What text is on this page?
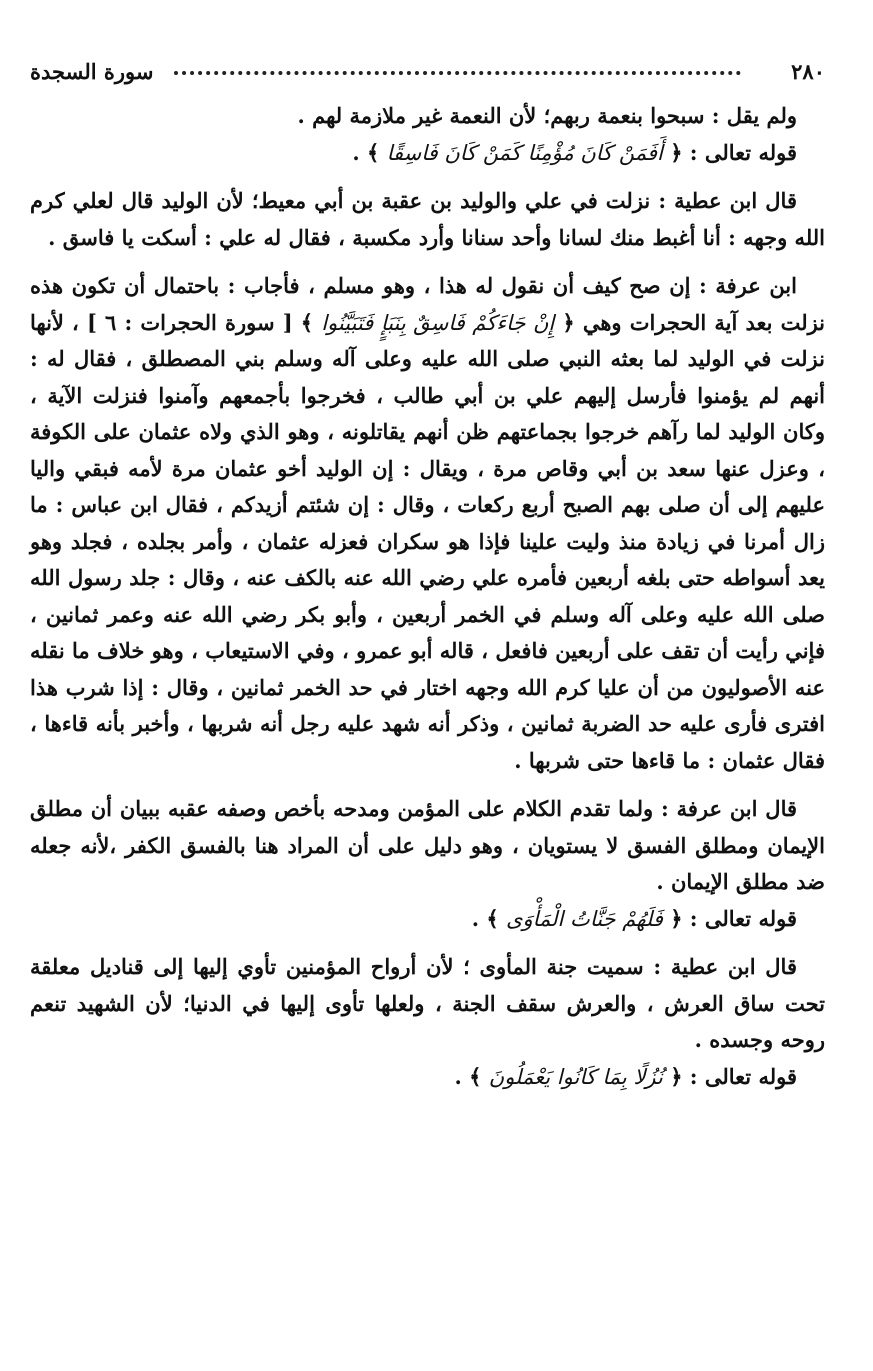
٢٨٠
سورة السجدة

ولم يقل : سبحوا بنعمة ربهم؛ لأن النعمة غير ملازمة لهم .

قوله تعالى : ﴿ أَفَمَنْ كَانَ مُؤْمِنًا كَمَنْ كَانَ فَاسِقًا ﴾ .

قال ابن عطية : نزلت في علي والوليد بن عقبة بن أبي معيط؛ لأن الوليد قال لعلي كرم الله وجهه : أنا أغبط منك لسانا وأحد سنانا وأرد مكسبة ، فقال له علي : أسكت يا فاسق .

ابن عرفة : إن صح كيف أن نقول له هذا ، وهو مسلم ، فأجاب : باحتمال أن تكون هذه نزلت بعد آية الحجرات وهي ﴿ إِنْ جَاءَكُمْ فَاسِقٌ بِنَبَإٍ فَتَبَيَّنُوا ﴾ [ سورة الحجرات : ٦ ] ، لأنها نزلت في الوليد لما بعثه النبي صلى الله عليه وعلى آله وسلم بني المصطلق ، فقال له : أنهم لم يؤمنوا فأرسل إليهم علي بن أبي طالب ، فخرجوا بأجمعهم وآمنوا فنزلت الآية ، وكان الوليد لما رآهم خرجوا بجماعتهم ظن أنهم يقاتلونه ، وهو الذي ولاه عثمان على الكوفة ، وعزل عنها سعد بن أبي وقاص مرة ، ويقال : إن الوليد أخو عثمان مرة لأمه فبقي واليا عليهم إلى أن صلى بهم الصبح أربع ركعات ، وقال : إن شئتم أزيدكم ، فقال ابن عباس : ما زال أمرنا في زيادة منذ وليت علينا فإذا هو سكران فعزله عثمان ، وأمر بجلده ، فجلد وهو يعد أسواطه حتى بلغه أربعين فأمره علي رضي الله عنه بالكف عنه ، وقال : جلد رسول الله صلى الله عليه وعلى آله وسلم في الخمر أربعين ، وأبو بكر رضي الله عنه وعمر ثمانين ، فإني رأيت أن تقف على أربعين فافعل ، قاله أبو عمرو ، وفي الاستيعاب ، وهو خلاف ما نقله عنه الأصوليون من أن عليا كرم الله وجهه اختار في حد الخمر ثمانين ، وقال : إذا شرب هذا افترى فأرى عليه حد الضربة ثمانين ، وذكر أنه شهد عليه رجل أنه شربها ، وأخبر بأنه قاءها ، فقال عثمان : ما قاءها حتى شربها .

قال ابن عرفة : ولما تقدم الكلام على المؤمن ومدحه بأخص وصفه عقبه ببيان أن مطلق الإيمان ومطلق الفسق لا يستويان ، وهو دليل على أن المراد هنا بالفسق الكفر ،لأنه جعله ضد مطلق الإيمان .

قوله تعالى : ﴿ فَلَهُمْ جَنَّاتُ الْمَأْوَى ﴾ .

قال ابن عطية : سميت جنة المأوى ؛ لأن أرواح المؤمنين تأوي إليها إلى قناديل معلقة تحت ساق العرش ، والعرش سقف الجنة ، ولعلها تأوى إليها في الدنيا؛ لأن الشهيد تنعم روحه وجسده .

قوله تعالى : ﴿ نُزُلًا بِمَا كَانُوا يَعْمَلُونَ ﴾ .
